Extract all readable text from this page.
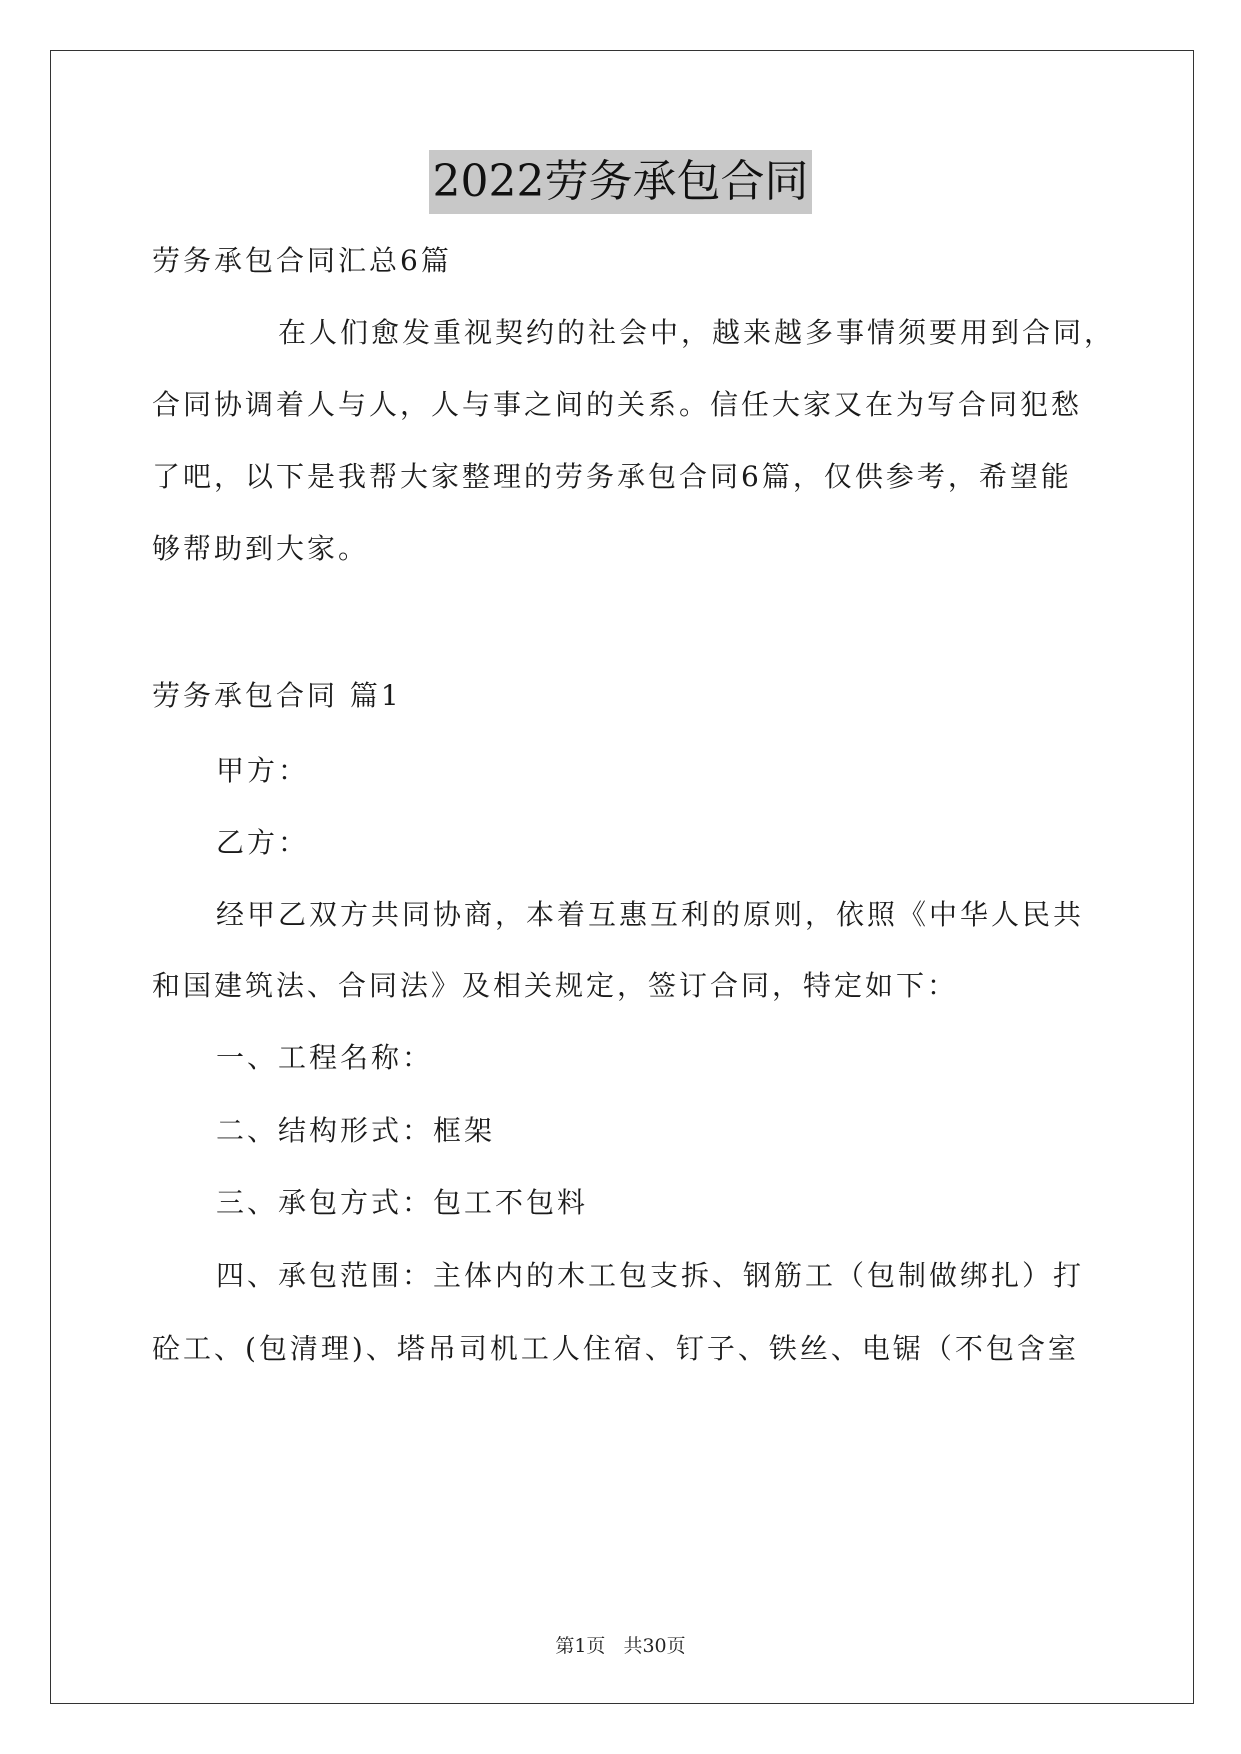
2022劳务承包合同
劳务承包合同汇总6篇
在人们愈发重视契约的社会中，越来越多事情须要用到合同，
合同协调着人与人，人与事之间的关系。信任大家又在为写合同犯愁
了吧，以下是我帮大家整理的劳务承包合同6篇，仅供参考，希望能
够帮助到大家。
劳务承包合同 篇1
甲方：
乙方：
经甲乙双方共同协商，本着互惠互利的原则，依照《中华人民共
和国建筑法、合同法》及相关规定，签订合同，特定如下：
一、工程名称：
二、结构形式：框架
三、承包方式：包工不包料
四、承包范围：主体内的木工包支拆、钢筋工（包制做绑扎）打
砼工、(包清理)、塔吊司机工人住宿、钉子、铁丝、电锯（不包含室
第1页 共30页
